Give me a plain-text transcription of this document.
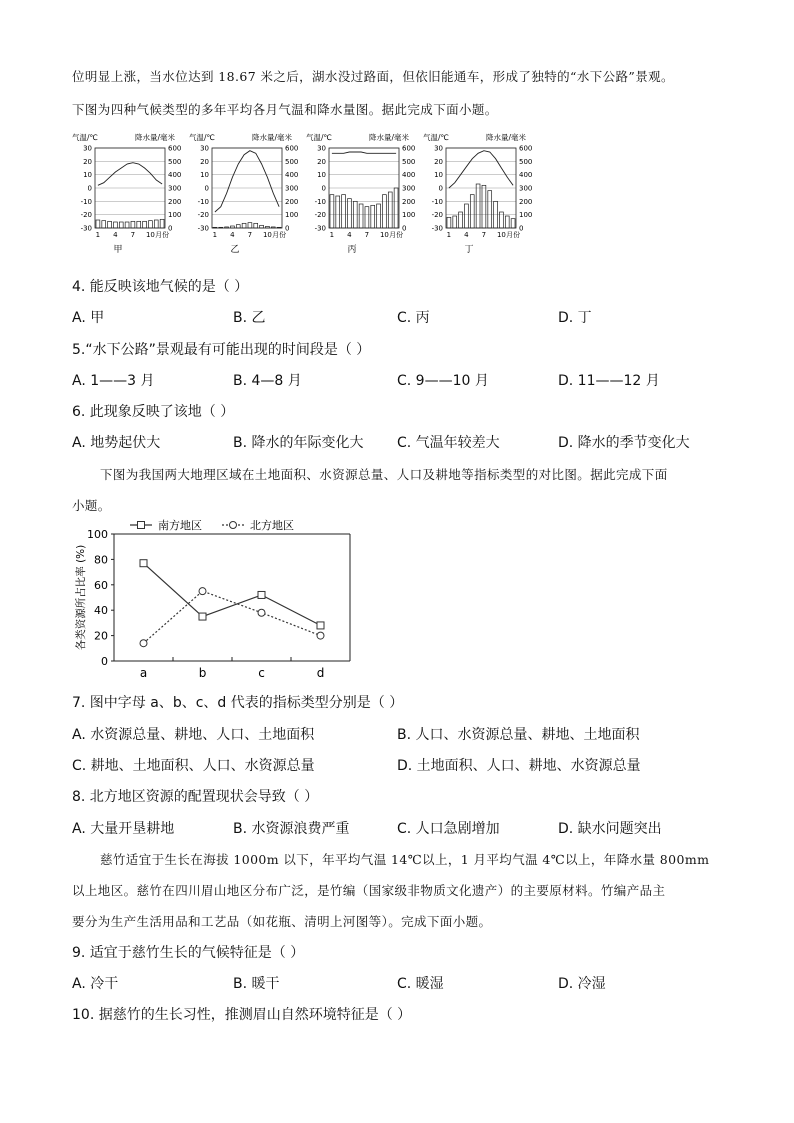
位明显上涨，当水位达到 18.67 米之后，湖水没过路面，但依旧能通车，形成了独特的“水下公路”景观。
下图为四种气候类型的多年平均各月气温和降水量图。据此完成下面小题。
气温/℃	降水量/毫米
30	600
20	500
10	400
0	300
-10	200
-20	100
-30	0
1 4 7 10 月份
甲
气温/℃	降水量/毫米
30	600
20	500
10	400
0	300
-10	200
-20	100
-30	0
1 4 7 10 月份
乙
气温/℃	降水量/毫米
30	600
20	500
10	400
0	300
-10	200
-20	100
-30	0
1 4 7 10 月份
丙
气温/℃	降水量/毫米
30	600
20	500
10	400
0	300
-10	200
-20	100
-30	0
1 4 7 10 月份
丁
4. 能反映该地气候的是（ ）
A. 甲	B. 乙	C. 丙	D. 丁
5.“水下公路”景观最有可能出现的时间段是（ ）
A. 1——3 月	B. 4—8 月	C. 9——10 月	D. 11——12 月
6. 此现象反映了该地（ ）
A. 地势起伏大	B. 降水的年际变化大 C. 气温年较差大	D. 降水的季节变化大
下图为我国两大地理区域在土地面积、水资源总量、人口及耕地等指标类型的对比图。据此完成下面
小题。
0
20
40
60
80
100
各类资源所占比率 (%)
a	b	c	d
南方地区	北方地区
7. 图中字母 a、b、c、d 代表的指标类型分别是（ ）
A. 水资源总量、耕地、人口、土地面积	B. 人口、水资源总量、耕地、土地面积
C. 耕地、土地面积、人口、水资源总量	D. 土地面积、人口、耕地、水资源总量
8. 北方地区资源的配置现状会导致（ ）
A. 大量开垦耕地	B. 水资源浪费严重	C. 人口急剧增加	D. 缺水问题突出
慈竹适宜于生长在海拔 1000m 以下，年平均气温 14℃以上，1 月平均气温 4℃以上，年降水量 800mm
以上地区。慈竹在四川眉山地区分布广泛，是竹编（国家级非物质文化遗产）的主要原材料。竹编产品主
要分为生产生活用品和工艺品（如花瓶、清明上河图等）。完成下面小题。
9. 适宜于慈竹生长的气候特征是（ ）
A. 冷干	B. 暖干	C. 暖湿	D. 冷湿
10. 据慈竹的生长习性，推测眉山自然环境特征是（ ）
